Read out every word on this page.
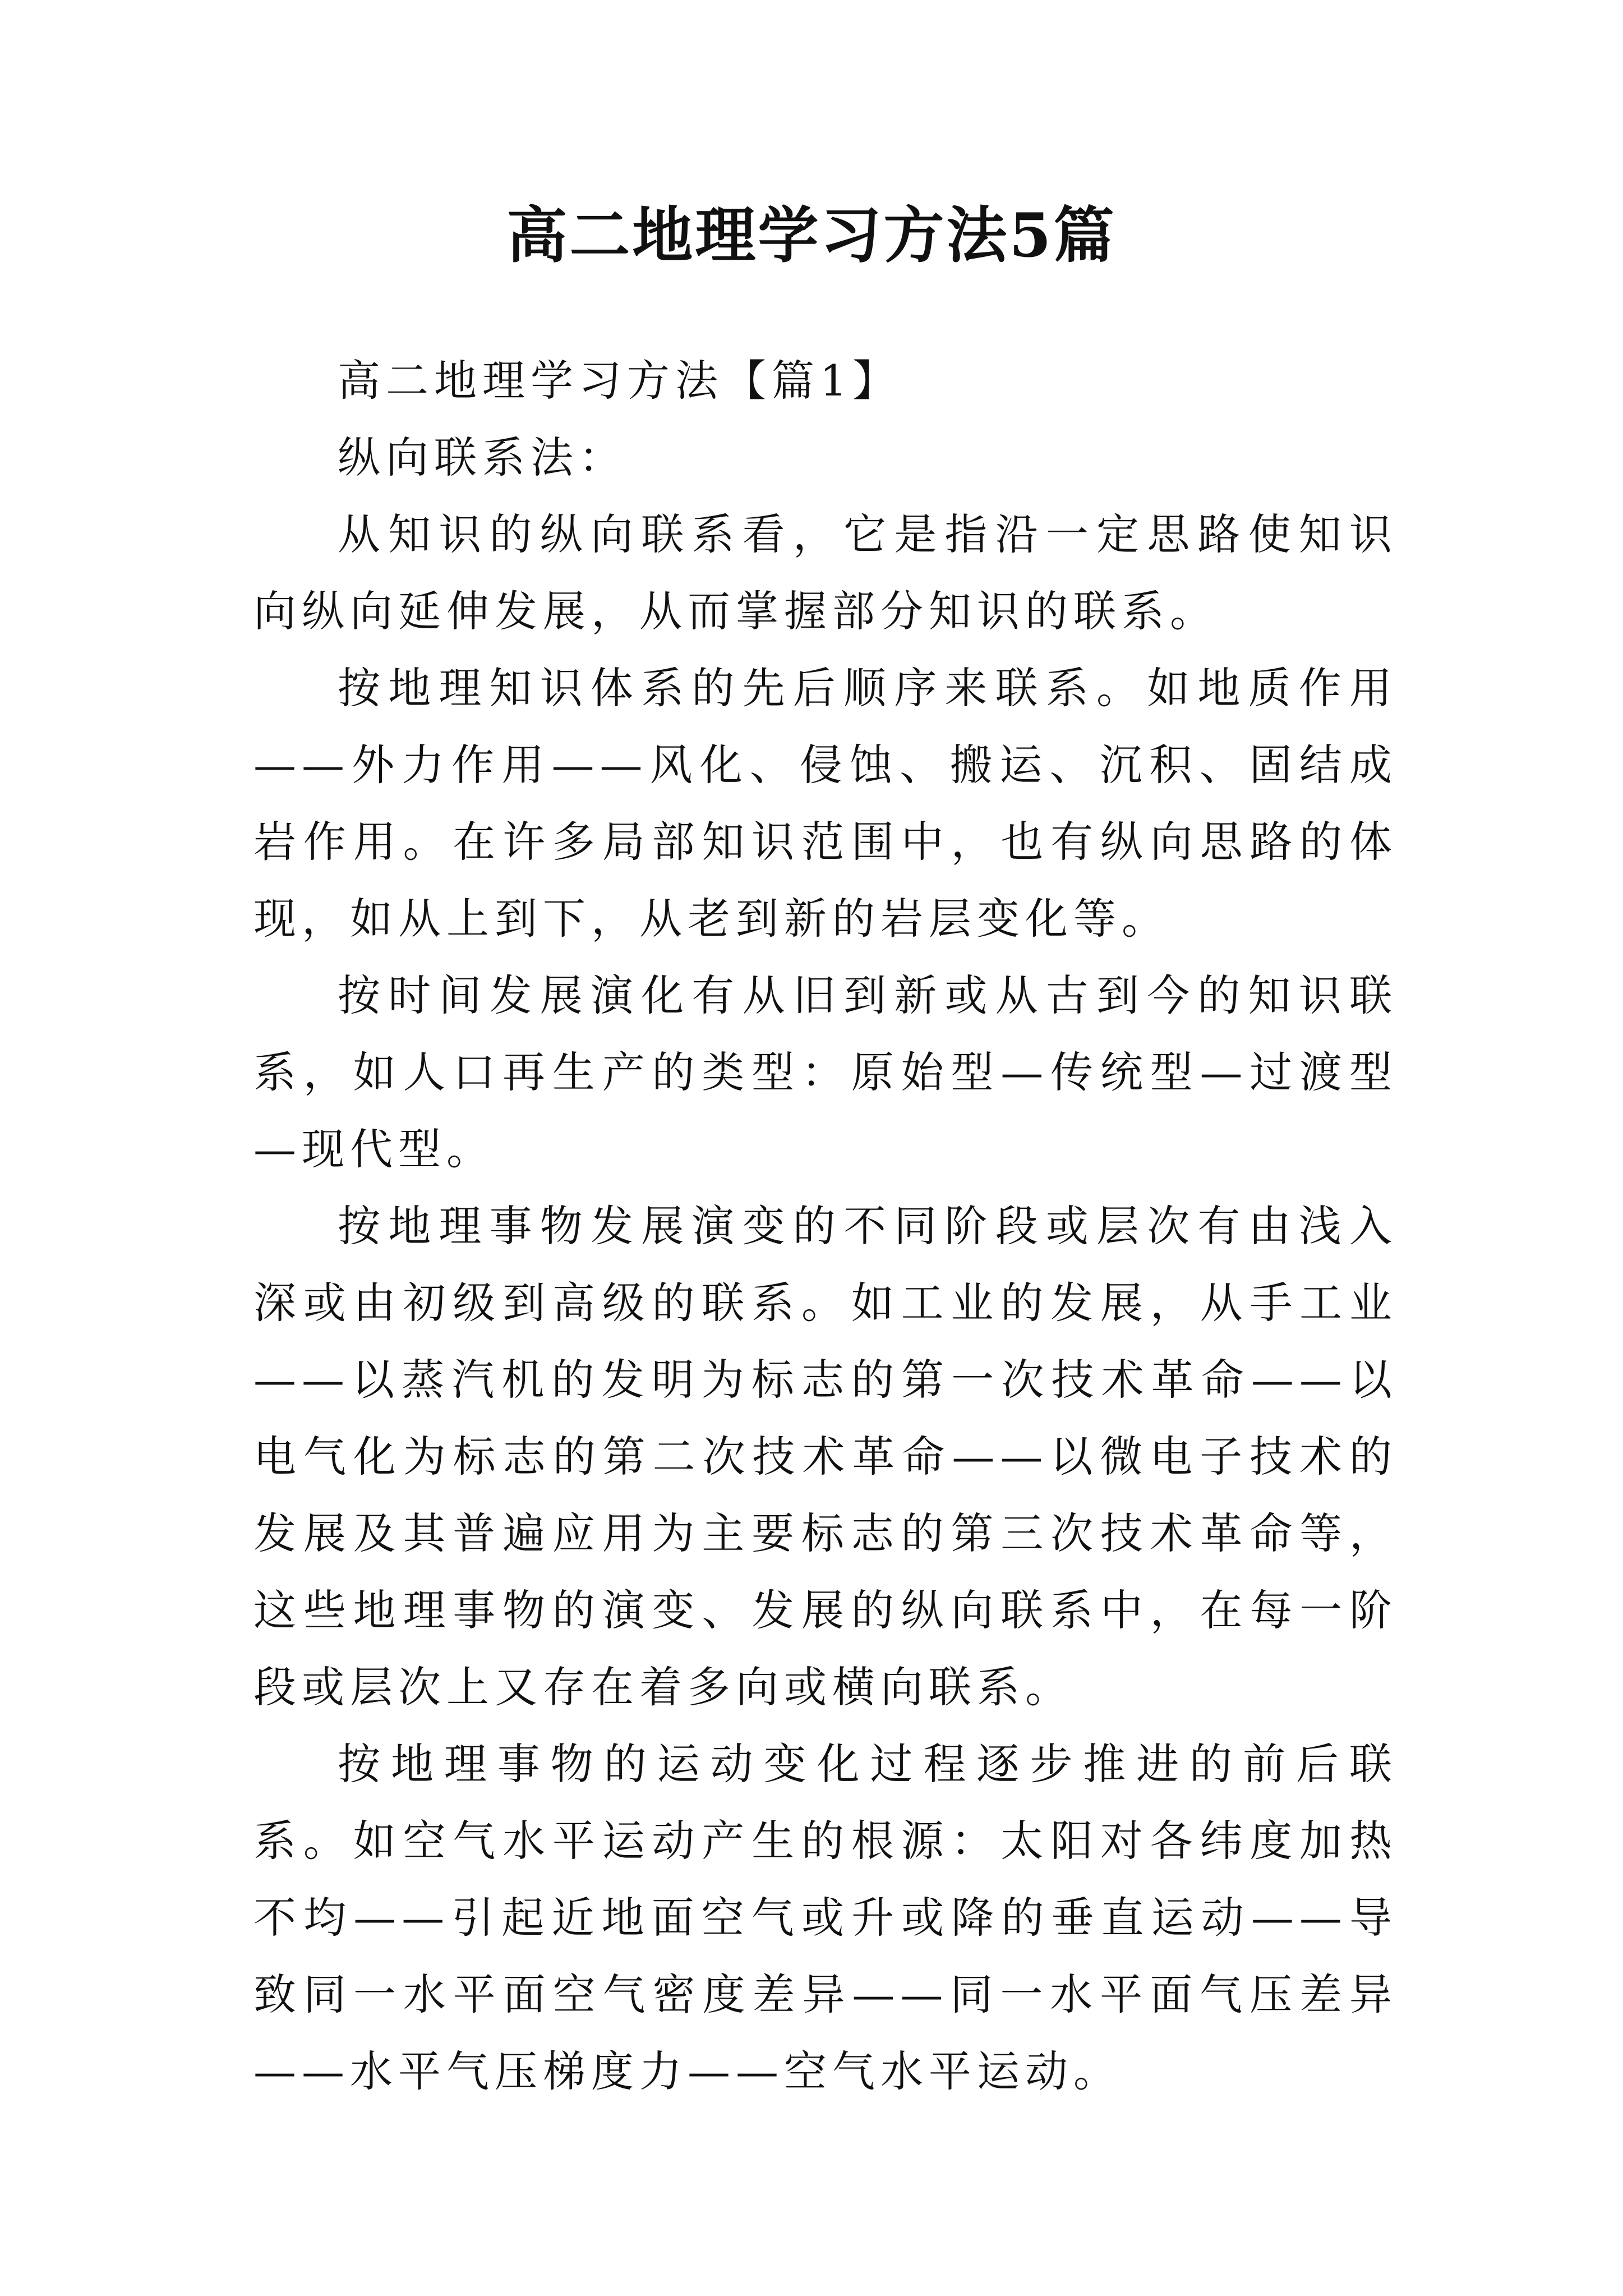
高二地理学习方法5篇

高二地理学习方法【篇1】

纵向联系法：

从知识的纵向联系看，它是指沿一定思路使知识向纵向延伸发展，从而掌握部分知识的联系。

按地理知识体系的先后顺序来联系。如地质作用——外力作用——风化、侵蚀、搬运、沉积、固结成岩作用。在许多局部知识范围中，也有纵向思路的体现，如从上到下，从老到新的岩层变化等。

按时间发展演化有从旧到新或从古到今的知识联系，如人口再生产的类型：原始型—传统型—过渡型—现代型。

按地理事物发展演变的不同阶段或层次有由浅入深或由初级到高级的联系。如工业的发展，从手工业——以蒸汽机的发明为标志的第一次技术革命——以电气化为标志的第二次技术革命——以微电子技术的发展及其普遍应用为主要标志的第三次技术革命等，这些地理事物的演变、发展的纵向联系中，在每一阶段或层次上又存在着多向或横向联系。

按地理事物的运动变化过程逐步推进的前后联系。如空气水平运动产生的根源：太阳对各纬度加热不均——引起近地面空气或升或降的垂直运动——导致同一水平面空气密度差异——同一水平面气压差异——水平气压梯度力——空气水平运动。
